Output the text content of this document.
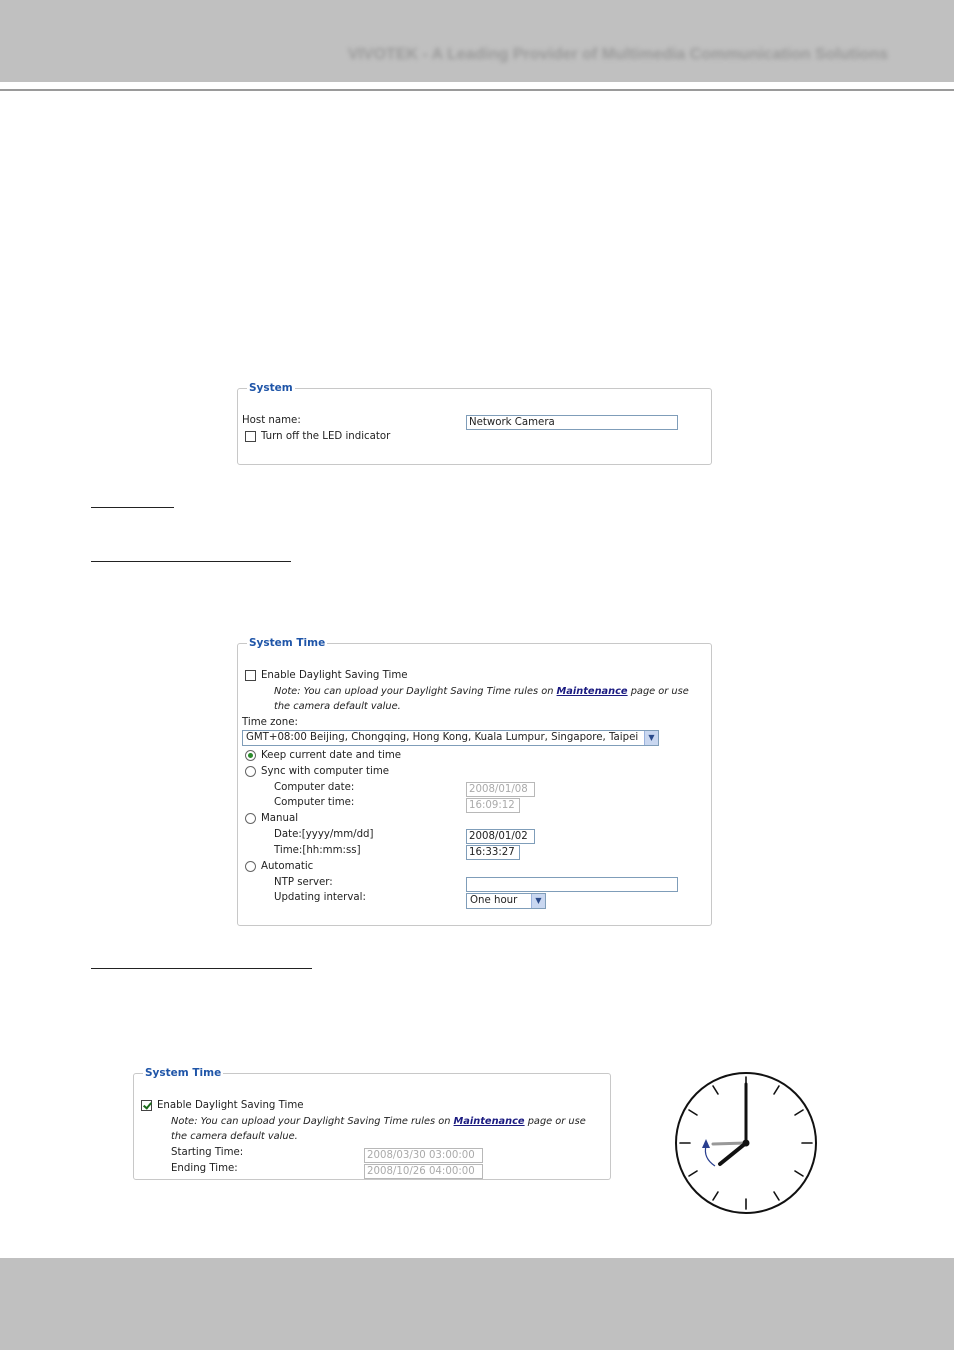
VIVOTEK - A Leading Provider of Multimedia Communication Solutions
System
Host name:	Network Camera
Turn off the LED indicator
System Time
Enable Daylight Saving Time
Note: You can upload your Daylight Saving Time rules on Maintenance page or use
the camera default value.
Time zone:
GMT+08:00 Beijing, Chongqing, Hong Kong, Kuala Lumpur, Singapore, Taipei	▼
Keep current date and time
Sync with computer time
Computer date:	2008/01/08
Computer time:	16:09:12
Manual
Date:[yyyy/mm/dd]	2008/01/02
Time:[hh:mm:ss]	16:33:27
Automatic
NTP server:
Updating interval:	One hour	▼
System Time
Enable Daylight Saving Time
Note: You can upload your Daylight Saving Time rules on Maintenance page or use
the camera default value.
Starting Time:	2008/03/30 03:00:00
Ending Time:	2008/10/26 04:00:00
